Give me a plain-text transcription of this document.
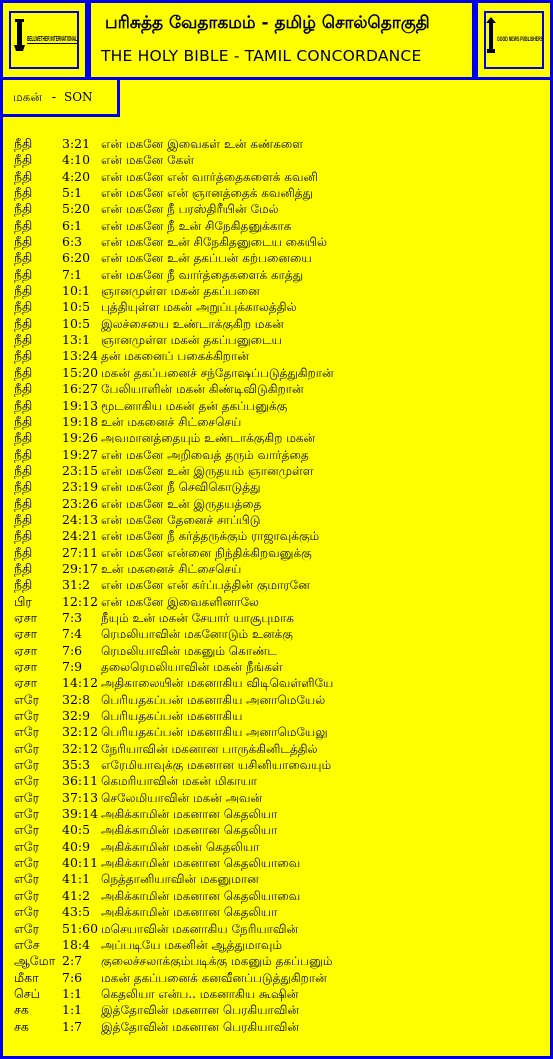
BELLWETHER INTERNATIONAL
பரிசுத்த வேதாகமம் - தமிழ் சொல்தொகுதி
THE HOLY BIBLE - TAMIL CONCORDANCE
GOOD NEWS PUBLISHERS
மகன் - SON
நீதி 3:21 என் மகனே இவைகள் உன் கண்களை
நீதி 4:10 என் மகனே கேள்
நீதி 4:20 என் மகனே என் வார்த்தைகளைக் கவனி
நீதி 5:1 என் மகனே என் ஞானத்தைக் கவனித்து
நீதி 5:20 என் மகனே நீ பரஸ்திரீயின் மேல்
நீதி 6:1 என் மகனே நீ உன் சிநேகிதனுக்காக
நீதி 6:3 என் மகனே உன் சிநேகிதனுடைய கையில்
நீதி 6:20 என் மகனே உன் தகப்பன் கற்பனையை
நீதி 7:1 என் மகனே நீ வார்த்தைகளைக் காத்து
நீதி 10:1 ஞானமுள்ள மகன் தகப்பனை
நீதி 10:5 புத்தியுள்ள மகன் அறுப்புக்காலத்தில்
நீதி 10:5 இலச்சையை உண்டாக்குகிற மகன்
நீதி 13:1 ஞானமுள்ள மகன் தகப்பனுடைய
நீதி 13:24 தன் மகனைப் பகைக்கிறான்
நீதி 15:20 மகன் தகப்பனைச் சந்தோஷப்படுத்துகிறான்
நீதி 16:27 பேலியாளின் மகன் கிண்டிவிடுகிறான்
நீதி 19:13 மூடனாகிய மகன் தன் தகப்பனுக்கு
நீதி 19:18 உன் மகனைச் சிட்சைசெய்
நீதி 19:26 அவமானத்தையும் உண்டாக்குகிற மகன்
நீதி 19:27 என் மகனே அறிவைத் தரும் வார்த்தை
நீதி 23:15 என் மகனே உன் இருதயம் ஞானமுள்ள
நீதி 23:19 என் மகனே நீ செவிகொடுத்து
நீதி 23:26 என் மகனே உன் இருதயத்தை
நீதி 24:13 என் மகனே தேனைச் சாப்பிடு
நீதி 24:21 என் மகனே நீ கர்த்தருக்கும் ராஜாவுக்கும்
நீதி 27:11 என் மகனே என்னை நிந்திக்கிறவனுக்கு
நீதி 29:17 உன் மகனைச் சிட்சைசெய்
நீதி 31:2 என் மகனே என் கர்ப்பத்தின் குமாரனே
பிர 12:12 என் மகனே இவைகளினாலே
ஏசா 7:3 நீயும் உன் மகன் சேயார் யாசூபுமாக
ஏசா 7:4 ரெமலியாவின் மகனோடும் உனக்கு
ஏசா 7:6 ரெமலியாவின் மகனும் கொண்ட
ஏசா 7:9 தலைரெமலியாவின் மகன் நீங்கள்
ஏசா 14:12 அதிகாலையின் மகனாகிய விடிவெள்ளியே
எரே 32:8 பெரியதகப்பன் மகனாகிய அனாமெயேல்
எரே 32:9 பெரியதகப்பன் மகனாகிய
எரே 32:12 பெரியதகப்பன் மகனாகிய அனாமெயேலு
எரே 32:12 நேரியாவின் மகனான பாருக்கினிடத்தில்
எரே 35:3 எரேமியாவுக்கு மகனான யசினியாவையும்
எரே 36:11 கெமரியாவின் மகன் மிகாயா
எரே 37:13 செலேமியாவின் மகன் அவன்
எரே 39:14 அகிக்காமின் மகனான கெதலியா
எரே 40:5 அகிக்காமின் மகனான கெதலியா
எரே 40:9 அகிக்காமின் மகன் கெதலியா
எரே 40:11 அகிக்காமின் மகனான கெதலியாவை
எரே 41:1 நெத்தானியாவின் மகனுமான
எரே 41:2 அகிக்காமின் மகனான கெதலியாவை
எரே 43:5 அகிக்காமின் மகனான கெதலியா
எரே 51:60 மசெயாவின் மகனாகிய நேரியாவின்
எசே 18:4 அப்படியே மகனின் ஆத்துமாவும்
ஆமோ 2:7 குலைச்சலாக்கும்படிக்கு மகனும் தகப்பனும்
மீகா 7:6 மகன் தகப்பனைக் கனவீனப்படுத்துகிறான்
செப் 1:1 கெதலியா என்ப.. மகனாகிய கூஷின்
சக	1:1 இத்தோவின் மகனான பெரகியாவின்
சக	1:7 இத்தோவின் மகனான பெரகியாவின்
